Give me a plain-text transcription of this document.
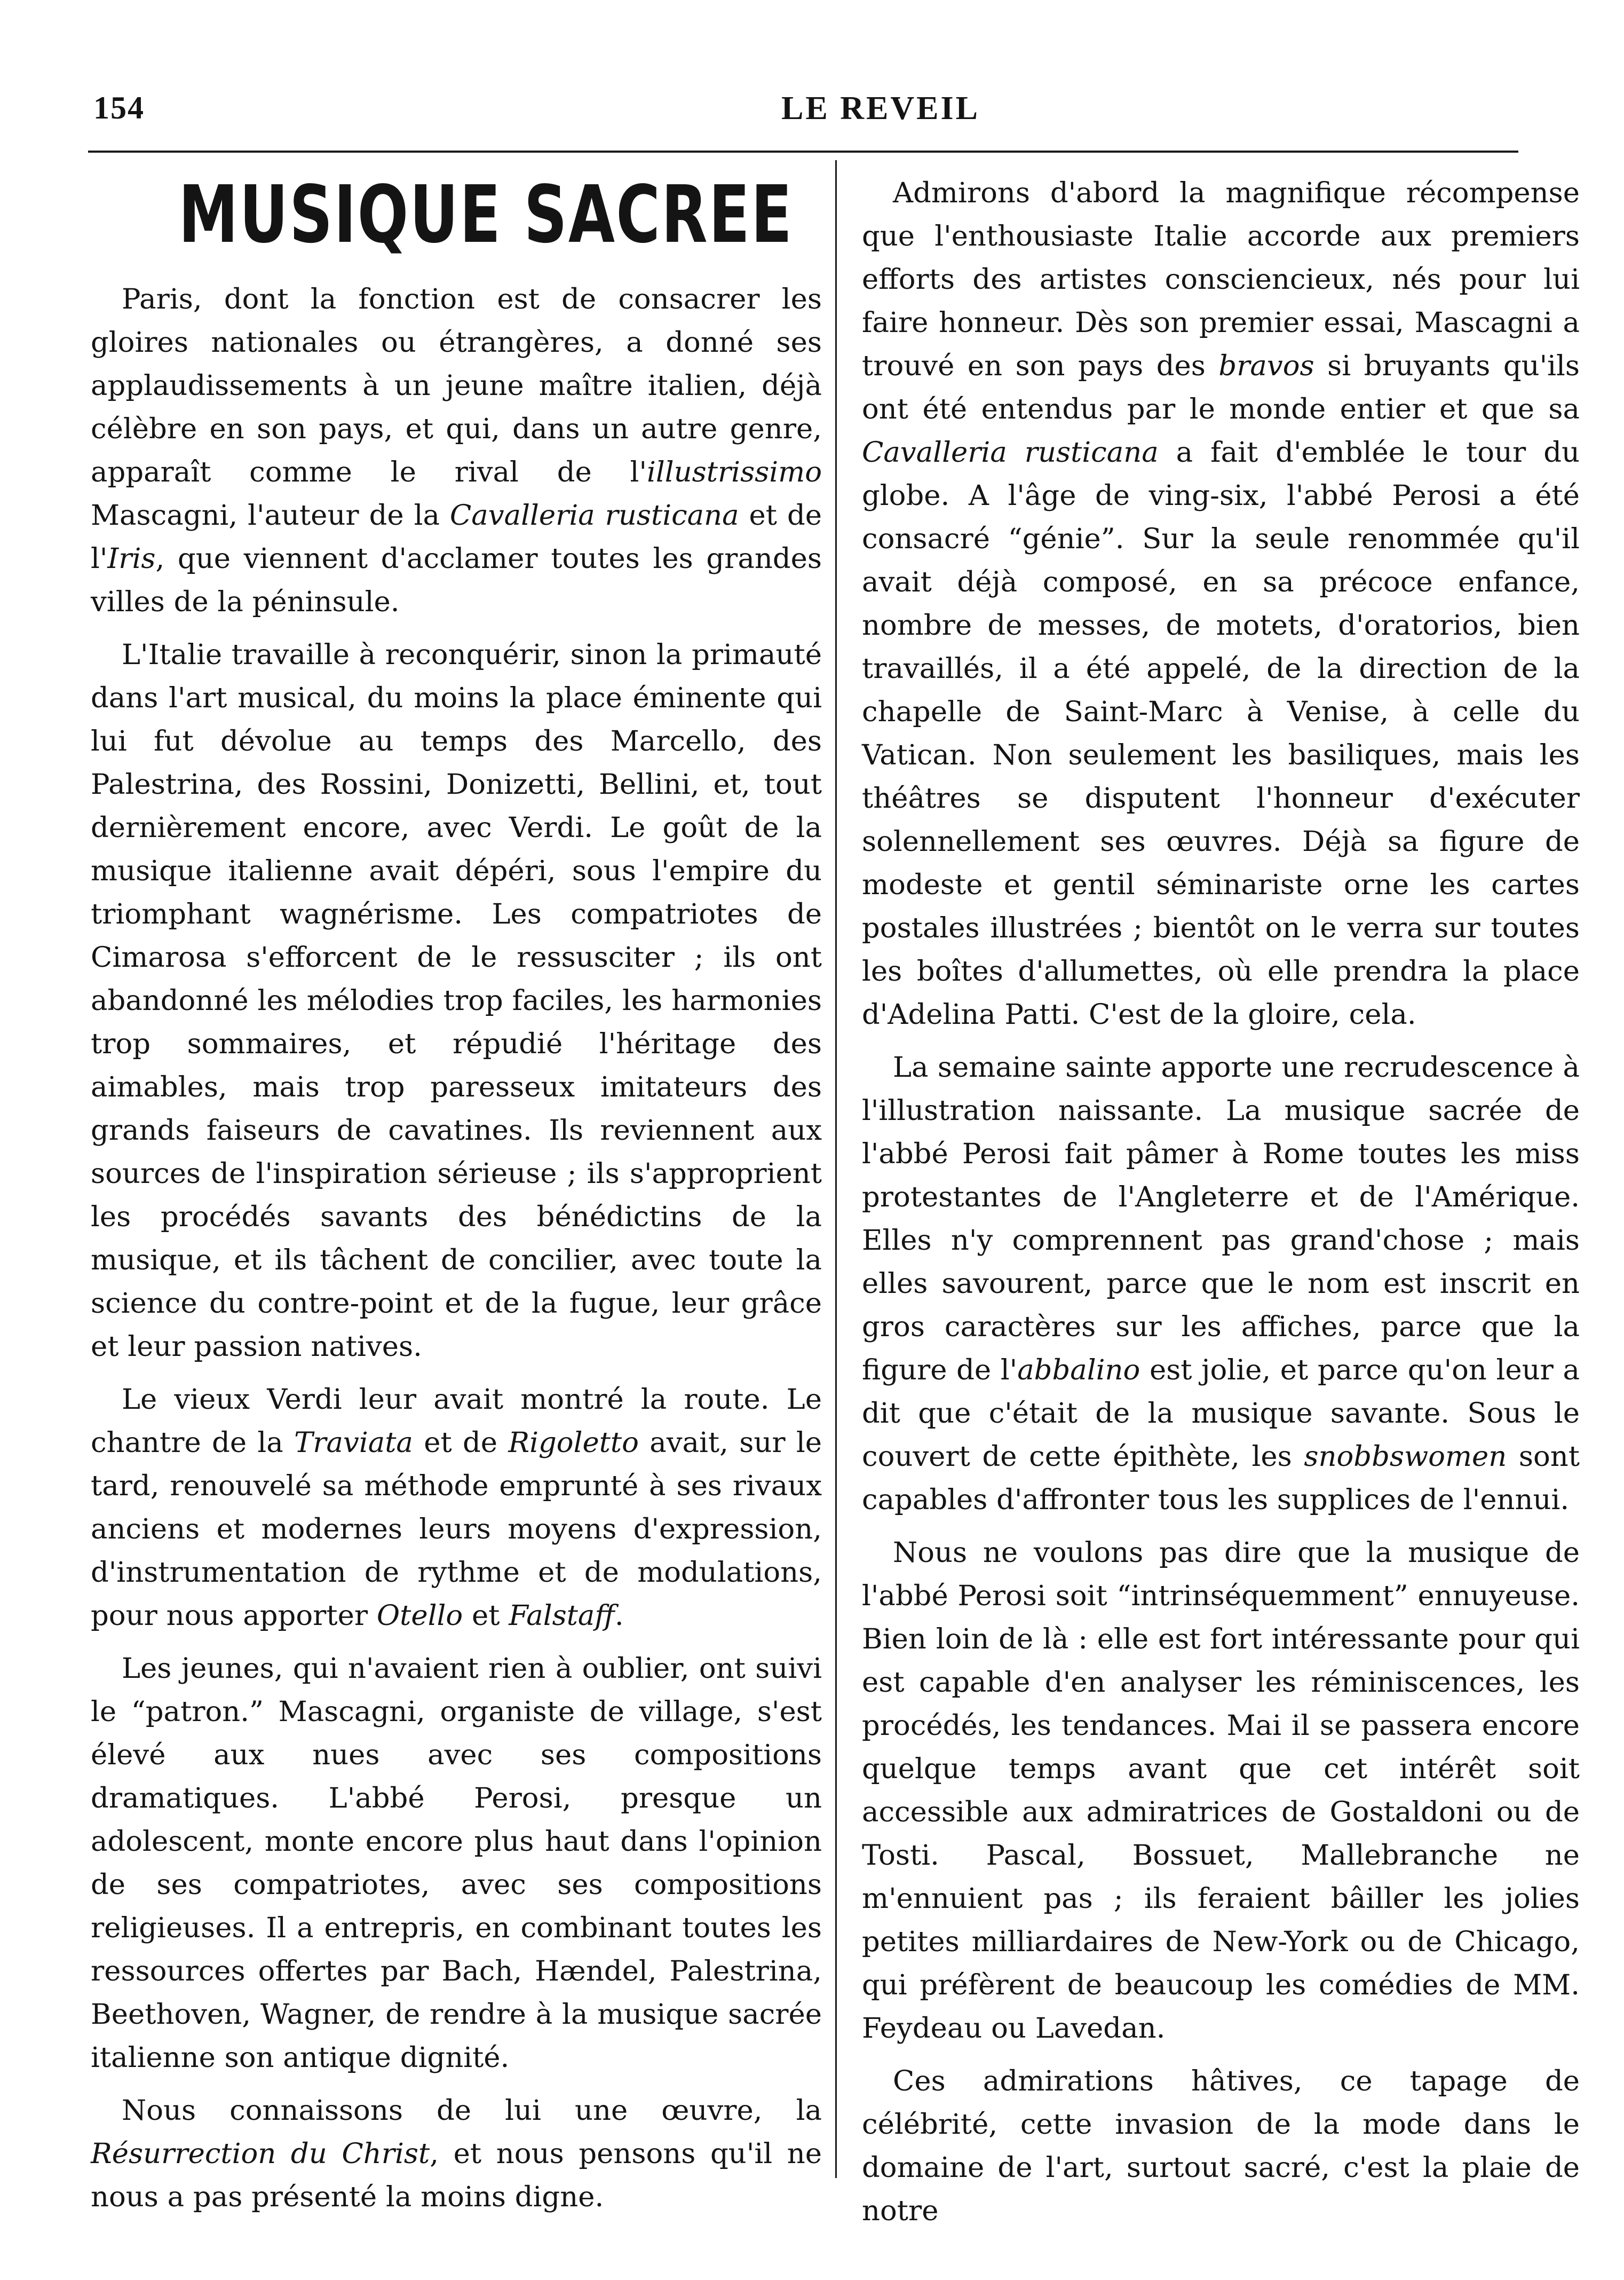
154	LE REVEIL
MUSIQUE SACREE

Paris, dont la fonction est de consacrer les gloires nationales ou étrangères, a donné ses applaudissements à un jeune maître italien, déjà célèbre en son pays, et qui, dans un autre genre, apparaît comme le rival de l'illustrissimo Mascagni, l'auteur de la Cavalleria rusticana et de l'Iris, que viennent d'acclamer toutes les grandes villes de la péninsule.

L'Italie travaille à reconquérir, sinon la primauté dans l'art musical, du moins la place éminente qui lui fut dévolue au temps des Marcello, des Palestrina, des Rossini, Donizetti, Bellini, et, tout dernièrement encore, avec Verdi. Le goût de la musique italienne avait dépéri, sous l'empire du triomphant wagnérisme. Les compatriotes de Cimarosa s'efforcent de le ressusciter ; ils ont abandonné les mélodies trop faciles, les harmonies trop sommaires, et répudié l'héritage des aimables, mais trop paresseux imitateurs des grands faiseurs de cavatines. Ils reviennent aux sources de l'inspiration sérieuse ; ils s'approprient les procédés savants des bénédictins de la musique, et ils tâchent de concilier, avec toute la science du contre-point et de la fugue, leur grâce et leur passion natives.

Le vieux Verdi leur avait montré la route. Le chantre de la Traviata et de Rigoletto avait, sur le tard, renouvelé sa méthode emprunté à ses rivaux anciens et modernes leurs moyens d'expression, d'instrumentation de rythme et de modulations, pour nous apporter Otello et Falstaff.

Les jeunes, qui n'avaient rien à oublier, ont suivi le “patron.” Mascagni, organiste de village, s'est élevé aux nues avec ses compositions dramatiques. L'abbé Perosi, presque un adolescent, monte encore plus haut dans l'opinion de ses compatriotes, avec ses compositions religieuses. Il a entrepris, en combinant toutes les ressources offertes par Bach, Hændel, Palestrina, Beethoven, Wagner, de rendre à la musique sacrée italienne son antique dignité.

Nous connaissons de lui une œuvre, la Résurrection du Christ, et nous pensons qu'il ne nous a pas présenté la moins digne.

Admirons d'abord la magnifique récompense que l'enthousiaste Italie accorde aux premiers efforts des artistes consciencieux, nés pour lui faire honneur. Dès son premier essai, Mascagni a trouvé en son pays des bravos si bruyants qu'ils ont été entendus par le monde entier et que sa Cavalleria rusticana a fait d'emblée le tour du globe. A l'âge de ving-six, l'abbé Perosi a été consacré “génie”. Sur la seule renommée qu'il avait déjà composé, en sa précoce enfance, nombre de messes, de motets, d'oratorios, bien travaillés, il a été appelé, de la direction de la chapelle de Saint-Marc à Venise, à celle du Vatican. Non seulement les basiliques, mais les théâtres se disputent l'honneur d'exécuter solennellement ses œuvres. Déjà sa figure de modeste et gentil séminariste orne les cartes postales illustrées ; bientôt on le verra sur toutes les boîtes d'allumettes, où elle prendra la place d'Adelina Patti. C'est de la gloire, cela.

La semaine sainte apporte une recrudescence à l'illustration naissante. La musique sacrée de l'abbé Perosi fait pâmer à Rome toutes les miss protestantes de l'Angleterre et de l'Amérique. Elles n'y comprennent pas grand'chose ; mais elles savourent, parce que le nom est inscrit en gros caractères sur les affiches, parce que la figure de l'abbalino est jolie, et parce qu'on leur a dit que c'était de la musique savante. Sous le couvert de cette épithète, les snobbswomen sont capables d'affronter tous les supplices de l'ennui.

Nous ne voulons pas dire que la musique de l'abbé Perosi soit “intrinséquemment” ennuyeuse. Bien loin de là : elle est fort intéressante pour qui est capable d'en analyser les réminiscences, les procédés, les tendances. Mai il se passera encore quelque temps avant que cet intérêt soit accessible aux admiratrices de Gostaldoni ou de Tosti. Pascal, Bossuet, Mallebranche ne m'ennuient pas ; ils feraient bâiller les jolies petites milliardaires de New-York ou de Chicago, qui préfèrent de beaucoup les comédies de MM. Feydeau ou Lavedan.

Ces admirations hâtives, ce tapage de célébrité, cette invasion de la mode dans le domaine de l'art, surtout sacré, c'est la plaie de notre
